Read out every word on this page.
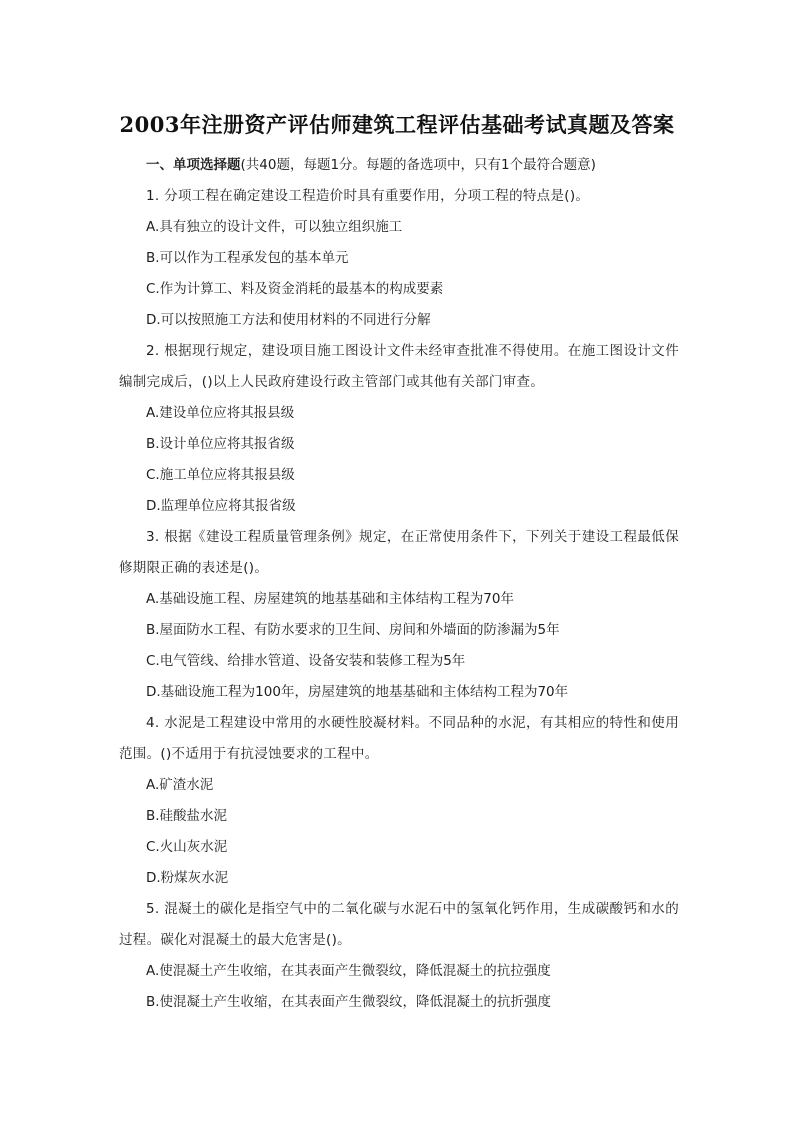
2003年注册资产评估师建筑工程评估基础考试真题及答案

一、单项选择题(共40题，每题1分。每题的备选项中，只有1个最符合题意)

1. 分项工程在确定建设工程造价时具有重要作用，分项工程的特点是()。

A.具有独立的设计文件，可以独立组织施工

B.可以作为工程承发包的基本单元

C.作为计算工、料及资金消耗的最基本的构成要素

D.可以按照施工方法和使用材料的不同进行分解

2. 根据现行规定，建设项目施工图设计文件未经审查批准不得使用。在施工图设计文件编制完成后，()以上人民政府建设行政主管部门或其他有关部门审查。

A.建设单位应将其报县级

B.设计单位应将其报省级

C.施工单位应将其报县级

D.监理单位应将其报省级

3. 根据《建设工程质量管理条例》规定，在正常使用条件下，下列关于建设工程最低保修期限正确的表述是()。

A.基础设施工程、房屋建筑的地基基础和主体结构工程为70年

B.屋面防水工程、有防水要求的卫生间、房间和外墙面的防渗漏为5年

C.电气管线、给排水管道、设备安装和装修工程为5年

D.基础设施工程为100年，房屋建筑的地基基础和主体结构工程为70年

4. 水泥是工程建设中常用的水硬性胶凝材料。不同品种的水泥，有其相应的特性和使用范围。()不适用于有抗浸蚀要求的工程中。

A.矿渣水泥

B.硅酸盐水泥

C.火山灰水泥

D.粉煤灰水泥

5. 混凝土的碳化是指空气中的二氧化碳与水泥石中的氢氧化钙作用，生成碳酸钙和水的过程。碳化对混凝土的最大危害是()。

A.使混凝土产生收缩，在其表面产生微裂纹，降低混凝土的抗拉强度

B.使混凝土产生收缩，在其表面产生微裂纹，降低混凝土的抗折强度
